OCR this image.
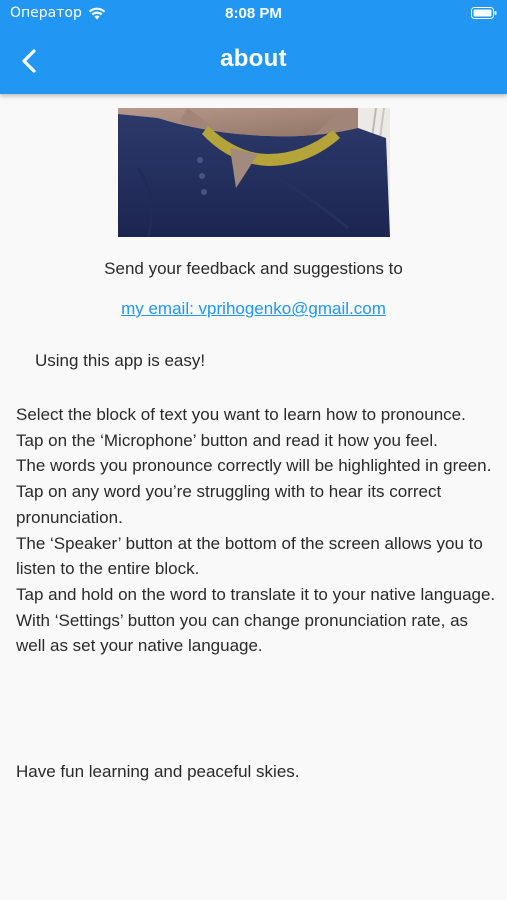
Оператор	8:08 PM
about
Send your feedback and suggestions to
my email: vprihogenko@gmail.com
Using this app is easy!

Select the block of text you want to learn how to pronounce.

Tap on the ‘Microphone’ button and read it how you feel.

The words you pronounce correctly will be highlighted in green.

Tap on any word you’re struggling with to hear its correct pronunciation.

The ‘Speaker’ button at the bottom of the screen allows you to listen to the entire block.

Tap and hold on the word to translate it to your native language.

With ‘Settings’ button you can change pronunciation rate, as well as set your native language.

Have fun learning and peaceful skies.
